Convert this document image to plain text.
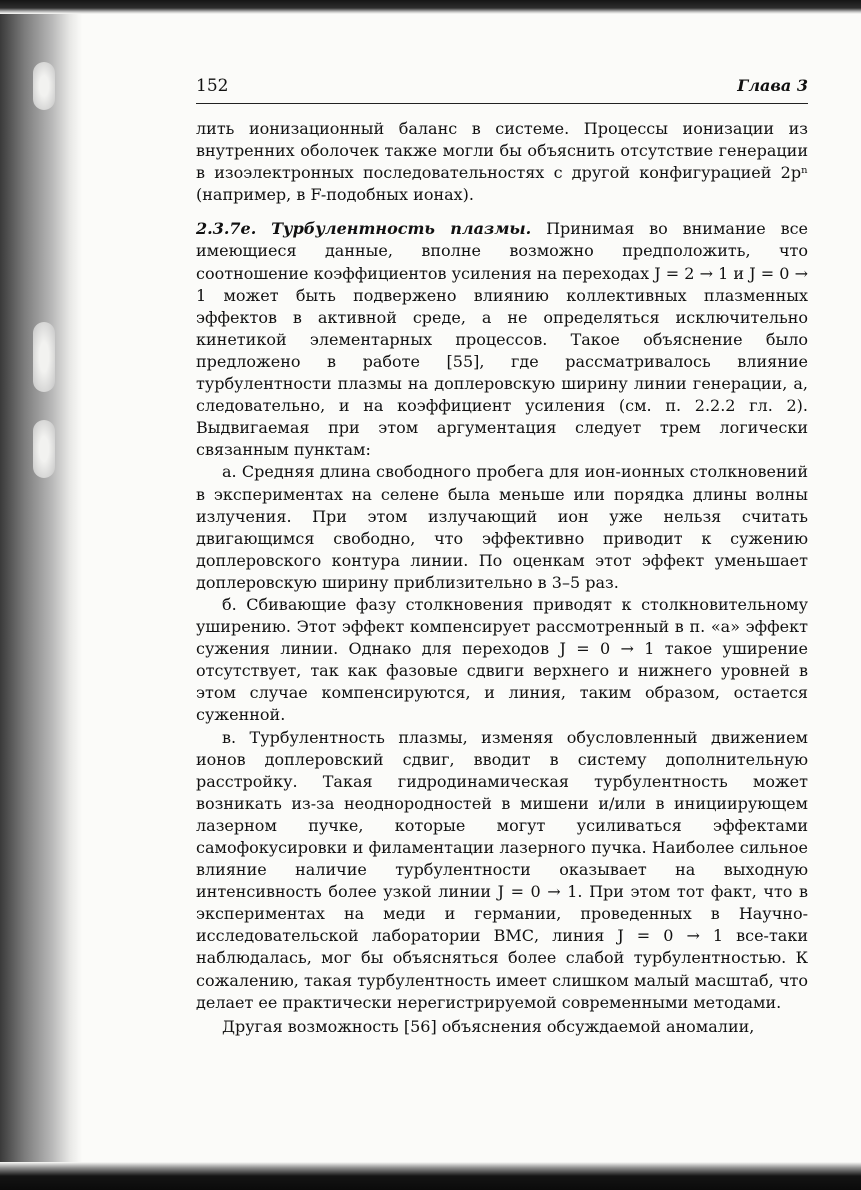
152	Глава 3

лить ионизационный баланс в системе. Процессы ионизации из внутренних оболочек также могли бы объяснить отсутствие генерации в изоэлектронных последовательностях с другой конфигурацией 2pⁿ (например, в F-подобных ионах).

2.3.7e. Турбулентность плазмы. Принимая во внимание все имеющиеся данные, вполне возможно предположить, что соотношение коэффициентов усиления на переходах J = 2 → 1 и J = 0 → 1 может быть подвержено влиянию коллективных плазменных эффектов в активной среде, а не определяться исключительно кинетикой элементарных процессов. Такое объяснение было предложено в работе [55], где рассматривалось влияние турбулентности плазмы на доплеровскую ширину линии генерации, а, следовательно, и на коэффициент усиления (см. п. 2.2.2 гл. 2). Выдвигаемая при этом аргументация следует трем логически связанным пунктам:

а. Средняя длина свободного пробега для ион-ионных столкновений в экспериментах на селене была меньше или порядка длины волны излучения. При этом излучающий ион уже нельзя считать двигающимся свободно, что эффективно приводит к сужению доплеровского контура линии. По оценкам этот эффект уменьшает доплеровскую ширину приблизительно в 3–5 раз.

б. Сбивающие фазу столкновения приводят к столкновительному уширению. Этот эффект компенсирует рассмотренный в п. «а» эффект сужения линии. Однако для переходов J = 0 → 1 такое уширение отсутствует, так как фазовые сдвиги верхнего и нижнего уровней в этом случае компенсируются, и линия, таким образом, остается суженной.

в. Турбулентность плазмы, изменяя обусловленный движением ионов доплеровский сдвиг, вводит в систему дополнительную расстройку. Такая гидродинамическая турбулентность может возникать из-за неоднородностей в мишени и/или в инициирующем лазерном пучке, которые могут усиливаться эффектами самофокусировки и филаментации лазерного пучка. Наиболее сильное влияние наличие турбулентности оказывает на выходную интенсивность более узкой линии J = 0 → 1. При этом тот факт, что в экспериментах на меди и германии, проведенных в Научно-исследовательской лаборатории ВМС, линия J = 0 → 1 все-таки наблюдалась, мог бы объясняться более слабой турбулентностью. К сожалению, такая турбулентность имеет слишком малый масштаб, что делает ее практически нерегистрируемой современными методами.

Другая возможность [56] объяснения обсуждаемой аномалии,
